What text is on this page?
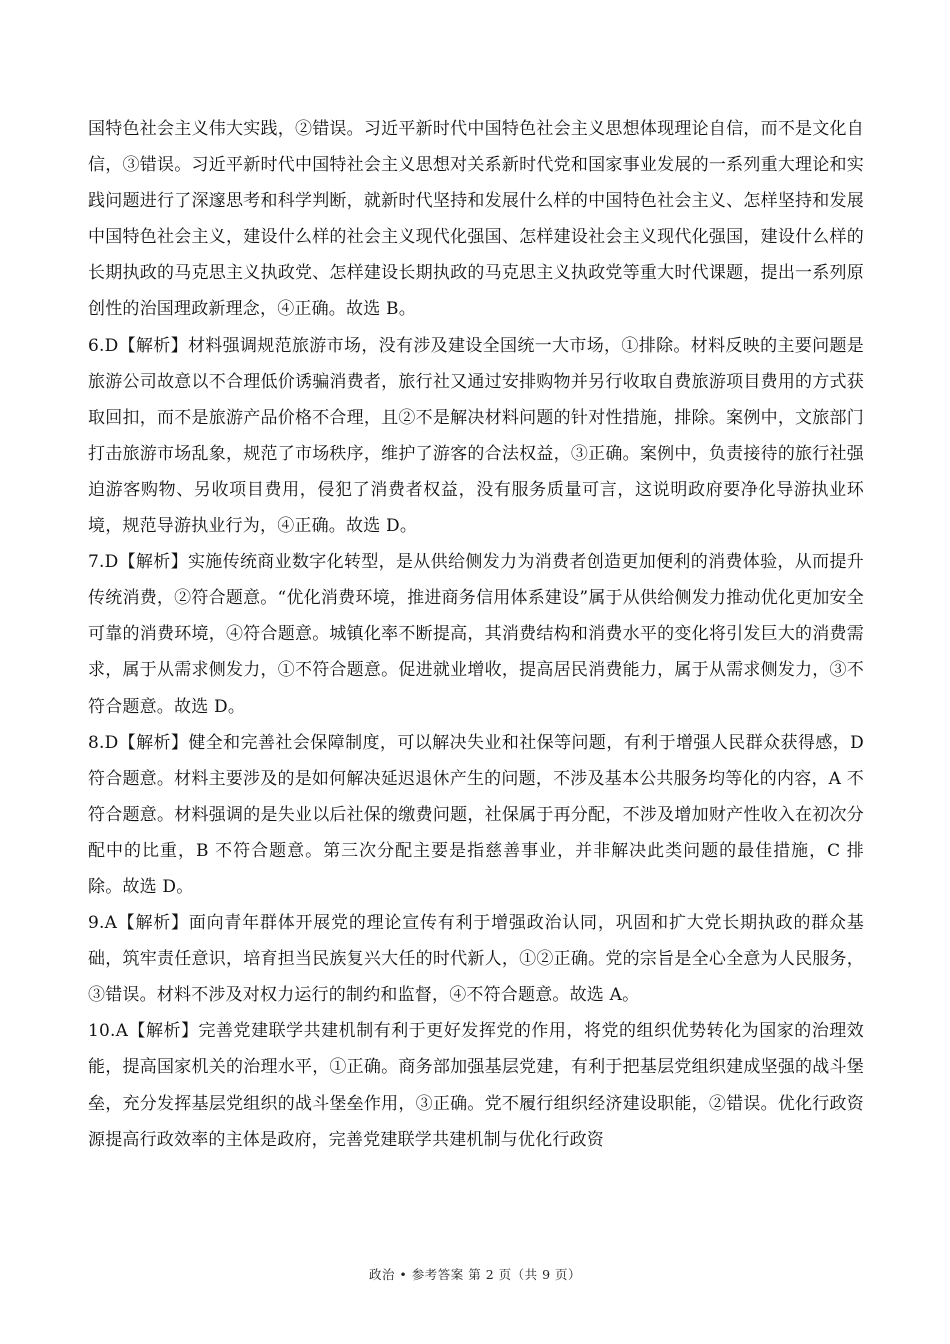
国特色社会主义伟大实践，②错误。习近平新时代中国特色社会主义思想体现理论自信，而不是文化自信，③错误。习近平新时代中国特社会主义思想对关系新时代党和国家事业发展的一系列重大理论和实践问题进行了深邃思考和科学判断，就新时代坚持和发展什么样的中国特色社会主义、怎样坚持和发展中国特色社会主义，建设什么样的社会主义现代化强国、怎样建设社会主义现代化强国，建设什么样的长期执政的马克思主义执政党、怎样建设长期执政的马克思主义执政党等重大时代课题，提出一系列原创性的治国理政新理念，④正确。故选 B。

6.D【解析】材料强调规范旅游市场，没有涉及建设全国统一大市场，①排除。材料反映的主要问题是旅游公司故意以不合理低价诱骗消费者，旅行社又通过安排购物并另行收取自费旅游项目费用的方式获取回扣，而不是旅游产品价格不合理，且②不是解决材料问题的针对性措施，排除。案例中，文旅部门打击旅游市场乱象，规范了市场秩序，维护了游客的合法权益，③正确。案例中，负责接待的旅行社强迫游客购物、另收项目费用，侵犯了消费者权益，没有服务质量可言，这说明政府要净化导游执业环境，规范导游执业行为，④正确。故选 D。

7.D【解析】实施传统商业数字化转型，是从供给侧发力为消费者创造更加便利的消费体验，从而提升传统消费，②符合题意。“优化消费环境，推进商务信用体系建设”属于从供给侧发力推动优化更加安全可靠的消费环境，④符合题意。城镇化率不断提高，其消费结构和消费水平的变化将引发巨大的消费需求，属于从需求侧发力，①不符合题意。促进就业增收，提高居民消费能力，属于从需求侧发力，③不符合题意。故选 D。

8.D【解析】健全和完善社会保障制度，可以解决失业和社保等问题，有利于增强人民群众获得感，D 符合题意。材料主要涉及的是如何解决延迟退休产生的问题，不涉及基本公共服务均等化的内容，A 不符合题意。材料强调的是失业以后社保的缴费问题，社保属于再分配，不涉及增加财产性收入在初次分配中的比重，B 不符合题意。第三次分配主要是指慈善事业，并非解决此类问题的最佳措施，C 排除。故选 D。

9.A【解析】面向青年群体开展党的理论宣传有利于增强政治认同，巩固和扩大党长期执政的群众基础，筑牢责任意识，培育担当民族复兴大任的时代新人，①②正确。党的宗旨是全心全意为人民服务，③错误。材料不涉及对权力运行的制约和监督，④不符合题意。故选 A。

10.A【解析】完善党建联学共建机制有利于更好发挥党的作用，将党的组织优势转化为国家的治理效能，提高国家机关的治理水平，①正确。商务部加强基层党建，有利于把基层党组织建成坚强的战斗堡垒，充分发挥基层党组织的战斗堡垒作用，③正确。党不履行组织经济建设职能，②错误。优化行政资源提高行政效率的主体是政府，完善党建联学共建机制与优化行政资

政治 • 参考答案 第 2 页（共 9 页）
